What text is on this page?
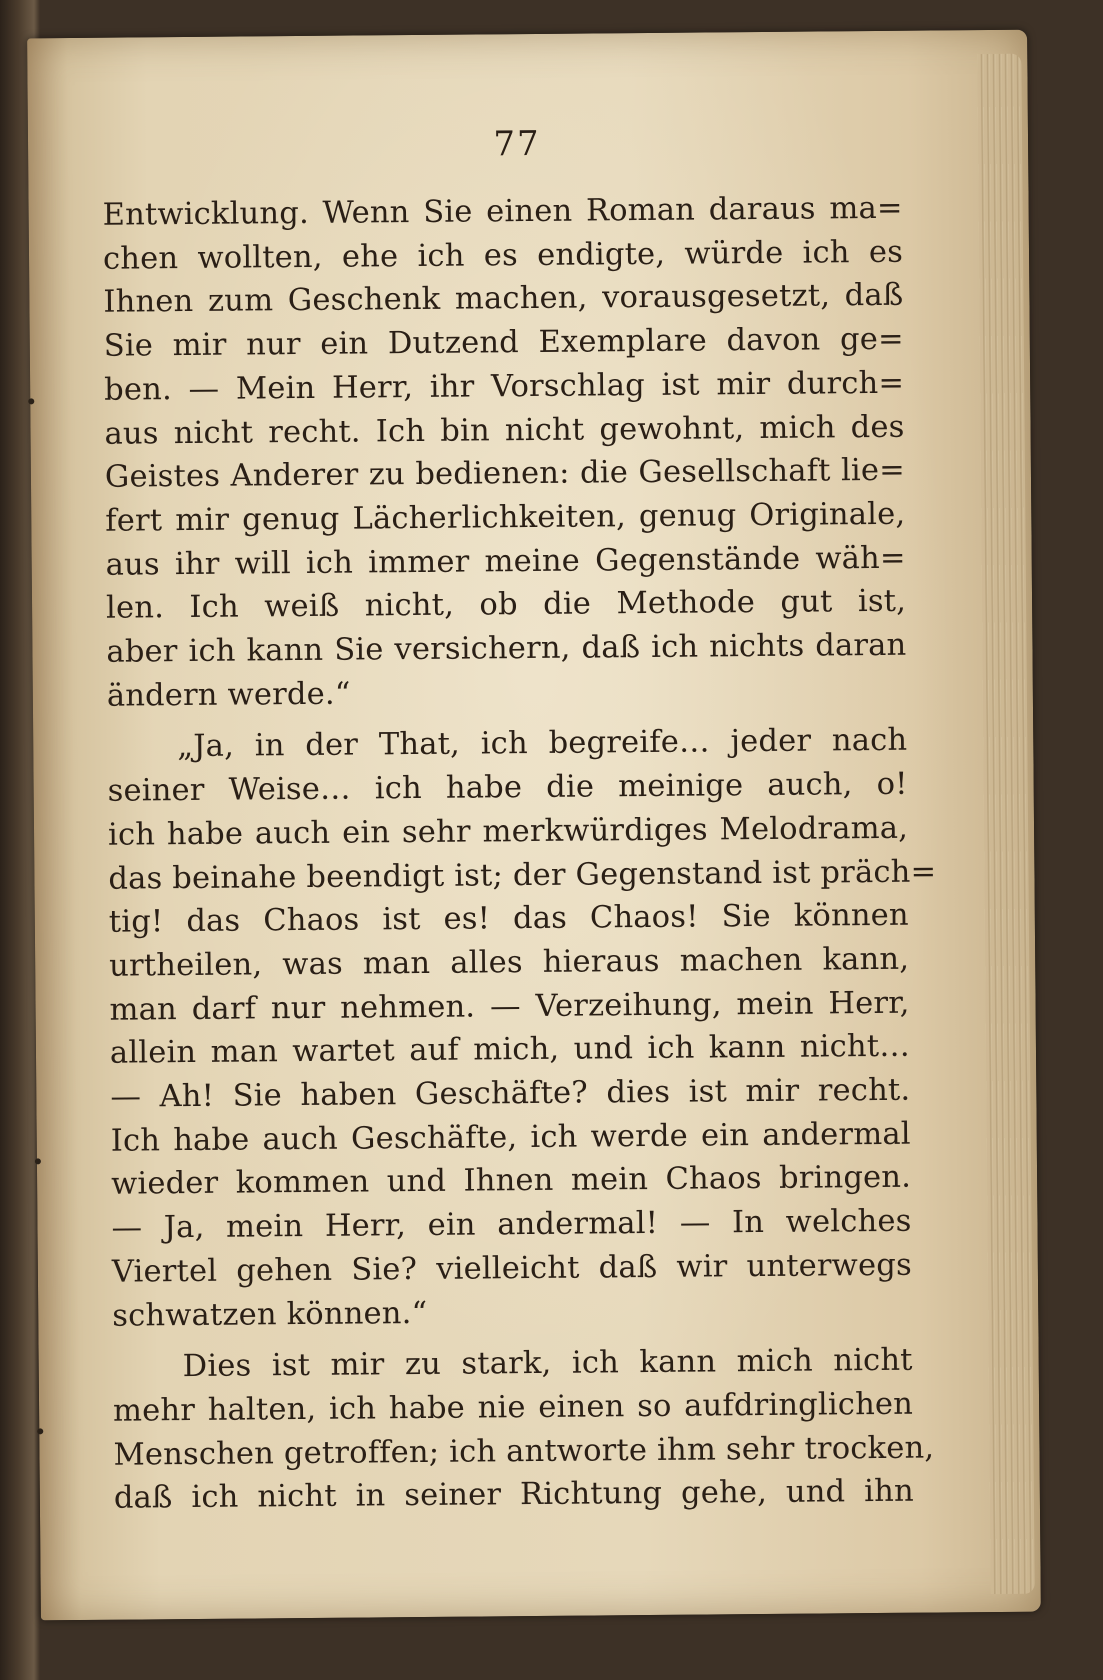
77
Entwicklung. Wenn Sie einen Roman daraus ma=
chen wollten, ehe ich es endigte, würde ich es
Ihnen zum Geschenk machen, vorausgesetzt, daß
Sie mir nur ein Dutzend Exemplare davon ge=
ben. — Mein Herr, ihr Vorschlag ist mir durch=
aus nicht recht. Ich bin nicht gewohnt, mich des
Geistes Anderer zu bedienen: die Gesellschaft lie=
fert mir genug Lächerlichkeiten, genug Originale,
aus ihr will ich immer meine Gegenstände wäh=
len. Ich weiß nicht, ob die Methode gut ist,
aber ich kann Sie versichern, daß ich nichts daran
ändern werde.“
„Ja, in der That, ich begreife… jeder nach
seiner Weise… ich habe die meinige auch, o!
ich habe auch ein sehr merkwürdiges Melodrama,
das beinahe beendigt ist; der Gegenstand ist präch=
tig! das Chaos ist es! das Chaos! Sie können
urtheilen, was man alles hieraus machen kann,
man darf nur nehmen. — Verzeihung, mein Herr,
allein man wartet auf mich, und ich kann nicht…
— Ah! Sie haben Geschäfte? dies ist mir recht.
Ich habe auch Geschäfte, ich werde ein andermal
wieder kommen und Ihnen mein Chaos bringen.
— Ja, mein Herr, ein andermal! — In welches
Viertel gehen Sie? vielleicht daß wir unterwegs
schwatzen können.“
Dies ist mir zu stark, ich kann mich nicht
mehr halten, ich habe nie einen so aufdringlichen
Menschen getroffen; ich antworte ihm sehr trocken,
daß ich nicht in seiner Richtung gehe, und ihn
